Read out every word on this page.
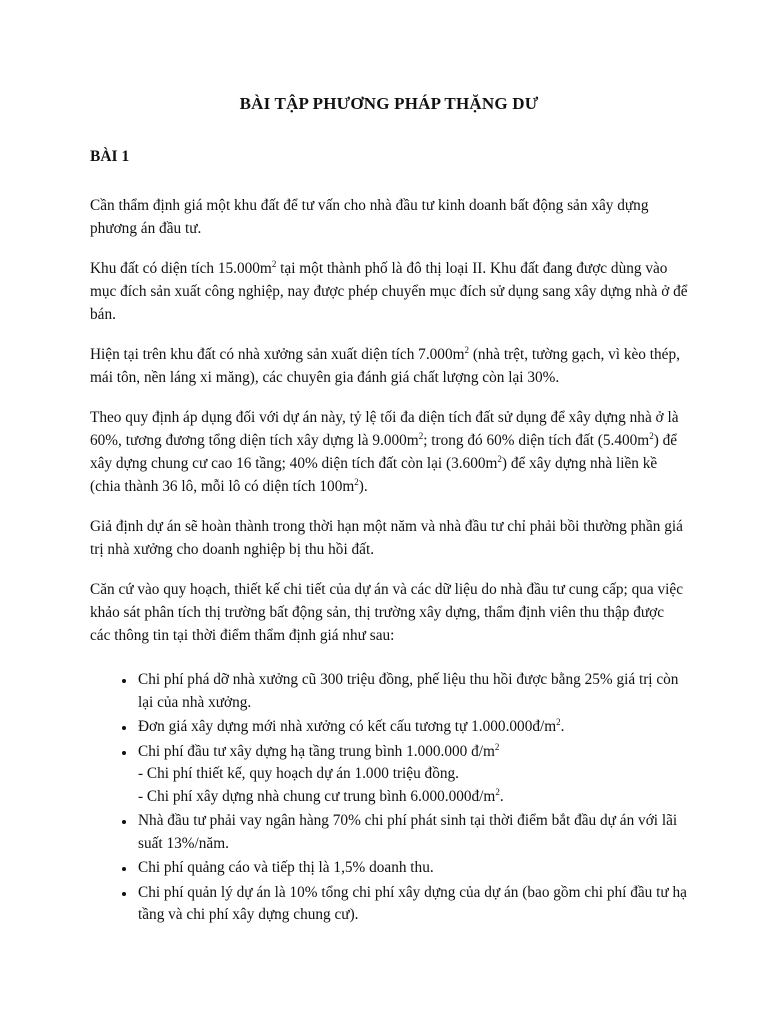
BÀI TẬP PHƯƠNG PHÁP THẶNG DƯ
BÀI 1

Cần thẩm định giá một khu đất để tư vấn cho nhà đầu tư kinh doanh bất động sản xây dựng phương án đầu tư.

Khu đất có diện tích $15.000m^2$ tại một thành phố là đô thị loại II. Khu đất đang được dùng vào mục đích sản xuất công nghiệp, nay được phép chuyển mục đích sử dụng sang xây dựng nhà ở để bán.

Hiện tại trên khu đất có nhà xưởng sản xuất diện tích $7.000m^2$ (nhà trệt, tường gạch, vì kèo thép, mái tôn, nền láng xi măng), các chuyên gia đánh giá chất lượng còn lại 30%.

Theo quy định áp dụng đối với dự án này, tỷ lệ tối đa diện tích đất sử dụng để xây dựng nhà ở là 60%, tương đương tổng diện tích xây dựng là $9.000m^2$; trong đó 60% diện tích đất $(5.400m^2)$ để xây dựng chung cư cao 16 tầng; 40% diện tích đất còn lại $(3.600m^2)$ để xây dựng nhà liền kề (chia thành 36 lô, mỗi lô có diện tích $100m^2$).

Giả định dự án sẽ hoàn thành trong thời hạn một năm và nhà đầu tư chỉ phải bồi thường phần giá trị nhà xưởng cho doanh nghiệp bị thu hồi đất.

Căn cứ vào quy hoạch, thiết kế chi tiết của dự án và các dữ liệu do nhà đầu tư cung cấp; qua việc khảo sát phân tích thị trường bất động sản, thị trường xây dựng, thẩm định viên thu thập được các thông tin tại thời điểm thẩm định giá như sau:

• Chi phí phá dỡ nhà xưởng cũ 300 triệu đồng, phế liệu thu hồi được bằng 25% giá trị còn lại của nhà xưởng.
• Đơn giá xây dựng mới nhà xưởng có kết cấu tương tự $1.000.000đ/m^2$.
• Chi phí đầu tư xây dựng hạ tầng trung bình 1.000.000 $đ/m^2$
- Chi phí thiết kế, quy hoạch dự án 1.000 triệu đồng.
- Chi phí xây dựng nhà chung cư trung bình $6.000.000đ/m^2$.
• Nhà đầu tư phải vay ngân hàng 70% chi phí phát sinh tại thời điểm bắt đầu dự án với lãi suất 13%/năm.
• Chi phí quảng cáo và tiếp thị là 1,5% doanh thu.
• Chi phí quản lý dự án là 10% tổng chi phí xây dựng của dự án (bao gồm chi phí đầu tư hạ tầng và chi phí xây dựng chung cư).
